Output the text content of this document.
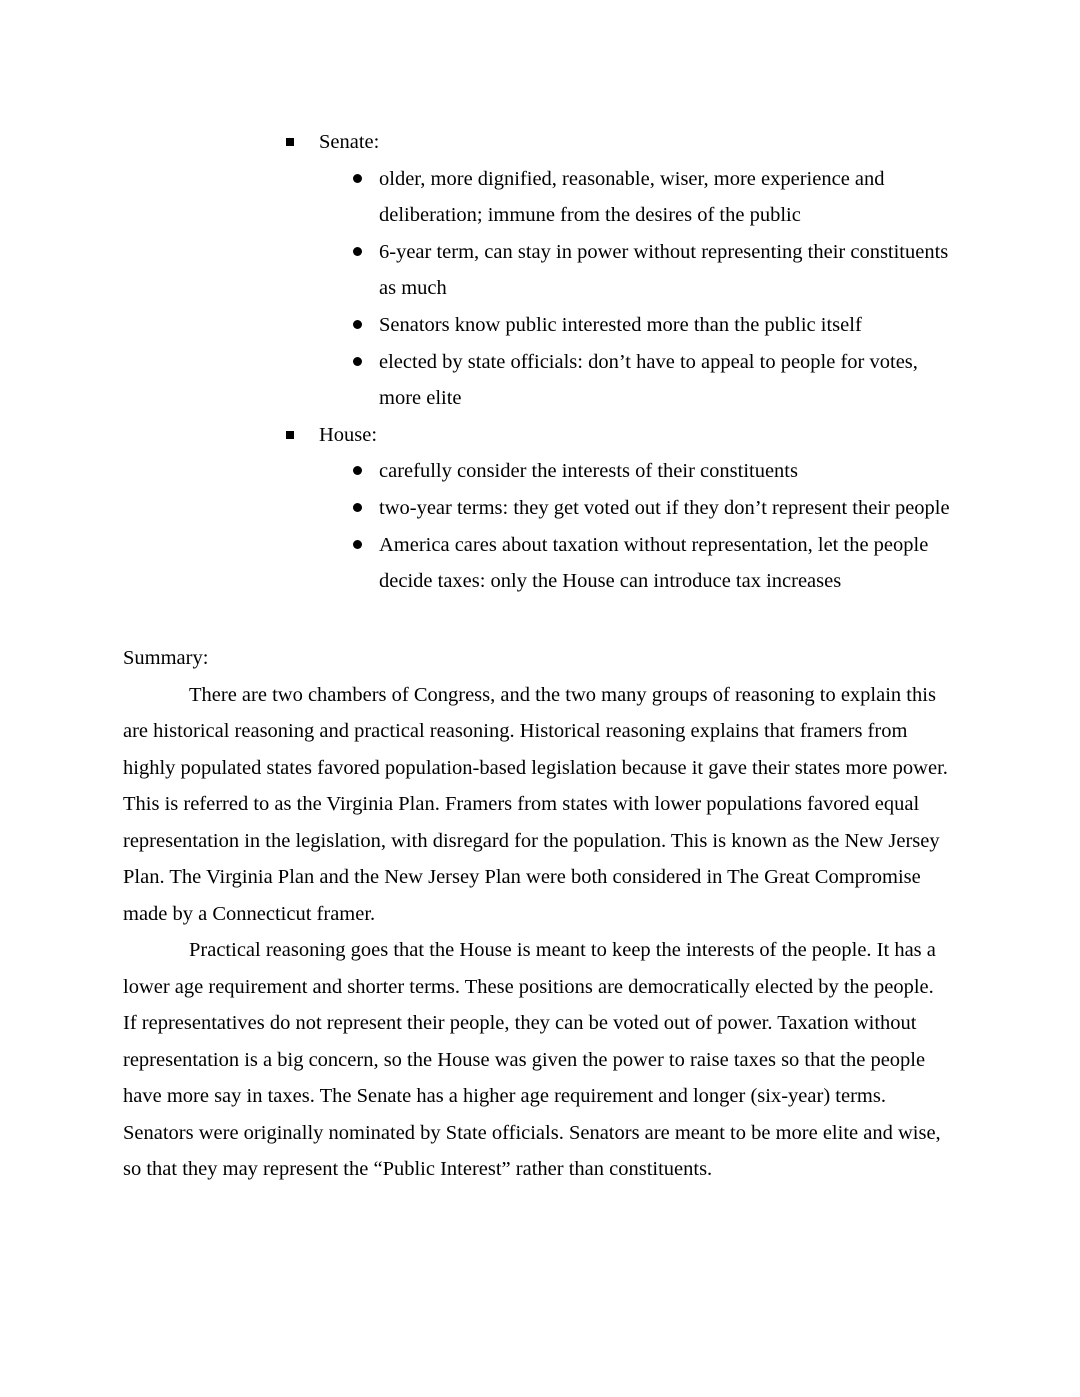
Senate:
older, more dignified, reasonable, wiser, more experience and deliberation; immune from the desires of the public
6-year term, can stay in power without representing their constituents as much
Senators know public interested more than the public itself
elected by state officials: don’t have to appeal to people for votes, more elite
House:
carefully consider the interests of their constituents
two-year terms: they get voted out if they don’t represent their people
America cares about taxation without representation, let the people decide taxes: only the House can introduce tax increases

Summary:

There are two chambers of Congress, and the two many groups of reasoning to explain this are historical reasoning and practical reasoning. Historical reasoning explains that framers from highly populated states favored population-based legislation because it gave their states more power. This is referred to as the Virginia Plan. Framers from states with lower populations favored equal representation in the legislation, with disregard for the population. This is known as the New Jersey Plan. The Virginia Plan and the New Jersey Plan were both considered in The Great Compromise made by a Connecticut framer.

Practical reasoning goes that the House is meant to keep the interests of the people. It has a lower age requirement and shorter terms. These positions are democratically elected by the people. If representatives do not represent their people, they can be voted out of power. Taxation without representation is a big concern, so the House was given the power to raise taxes so that the people have more say in taxes. The Senate has a higher age requirement and longer (six-year) terms. Senators were originally nominated by State officials. Senators are meant to be more elite and wise, so that they may represent the “Public Interest” rather than constituents.
